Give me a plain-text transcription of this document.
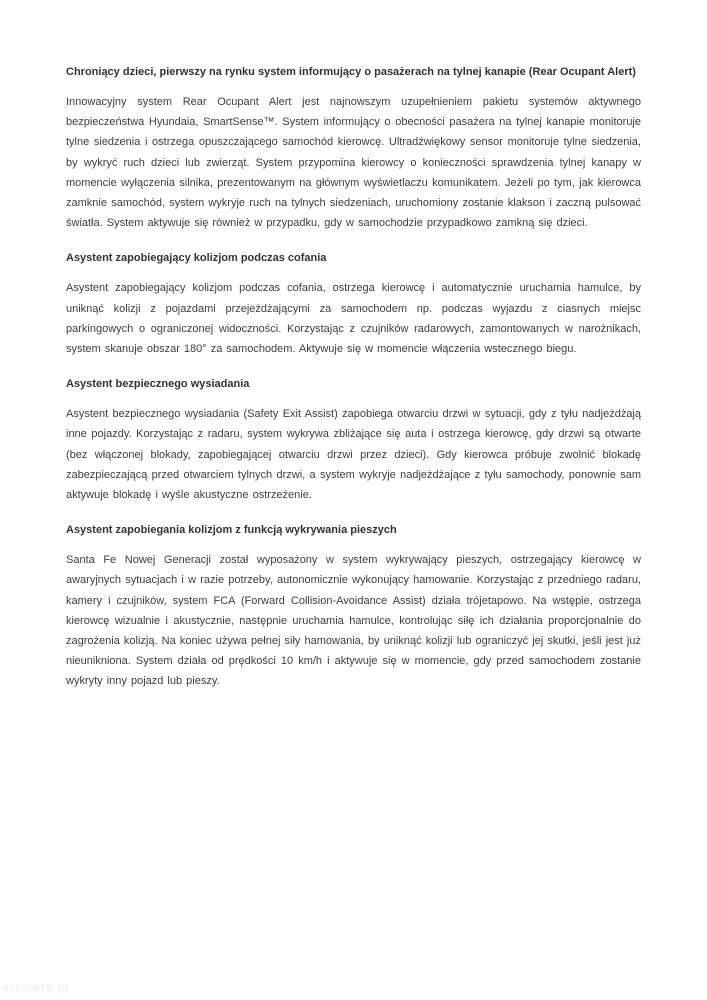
Chroniący dzieci, pierwszy na rynku system informujący o pasażerach na tylnej kanapie (Rear Ocupant Alert)

Innowacyjny system Rear Ocupant Alert jest najnowszym uzupełnieniem pakietu systemów aktywnego bezpieczeństwa Hyundaia, SmartSense™. System informujący o obecności pasażera na tylnej kanapie monitoruje tylne siedzenia i ostrzega opuszczającego samochód kierowcę. Ultradźwiękowy sensor monitoruje tylne siedzenia, by wykryć ruch dzieci lub zwierząt. System przypomina kierowcy o konieczności sprawdzenia tylnej kanapy w momencie wyłączenia silnika, prezentowanym na głównym wyświetlaczu komunikatem. Jeżeli po tym, jak kierowca zamknie samochód, system wykryje ruch na tylnych siedzeniach, uruchomiony zostanie klakson i zaczną pulsować światła. System aktywuje się również w przypadku, gdy w samochodzie przypadkowo zamkną się dzieci.

Asystent zapobiegający kolizjom podczas cofania

Asystent zapobiegający kolizjom podczas cofania, ostrzega kierowcę i automatycznie uruchamia hamulce, by uniknąć kolizji z pojazdami przejeżdżającymi za samochodem np. podczas wyjazdu z ciasnych miejsc parkingowych o ograniczonej widoczności. Korzystając z czujników radarowych, zamontowanych w narożnikach, system skanuje obszar 180° za samochodem. Aktywuje się w momencie włączenia wstecznego biegu.

Asystent bezpiecznego wysiadania

Asystent bezpiecznego wysiadania (Safety Exit Assist) zapobiega otwarciu drzwi w sytuacji, gdy z tyłu nadjeżdżają inne pojazdy. Korzystając z radaru, system wykrywa zbliżające się auta i ostrzega kierowcę, gdy drzwi są otwarte (bez włączonej blokady, zapobiegającej otwarciu drzwi przez dzieci). Gdy kierowca próbuje zwolnić blokadę zabezpieczającą przed otwarciem tylnych drzwi, a system wykryje nadjeżdżające z tyłu samochody, ponownie sam aktywuje blokadę i wyśle akustyczne ostrzeżenie.

Asystent zapobiegania kolizjom z funkcją wykrywania pieszych

Santa Fe Nowej Generacji został wyposażony w system wykrywający pieszych, ostrzegający kierowcę w awaryjnych sytuacjach i w razie potrzeby, autonomicznie wykonujący hamowanie. Korzystając z przedniego radaru, kamery i czujników, system FCA (Forward Collision-Avoidance Assist) działa trójetapowo. Na wstępie, ostrzega kierowcę wizualnie i akustycznie, następnie uruchamia hamulce, kontrolując siłę ich działania proporcjonalnie do zagrożenia kolizją. Na koniec używa pełnej siły hamowania, by uniknąć kolizji lub ograniczyć jej skutki, jeśli jest już nieunikniona. System działa od prędkości 10 km/h i aktywuje się w momencie, gdy przed samochodem zostanie wykryty inny pojazd lub pieszy.

otomoto.pl
